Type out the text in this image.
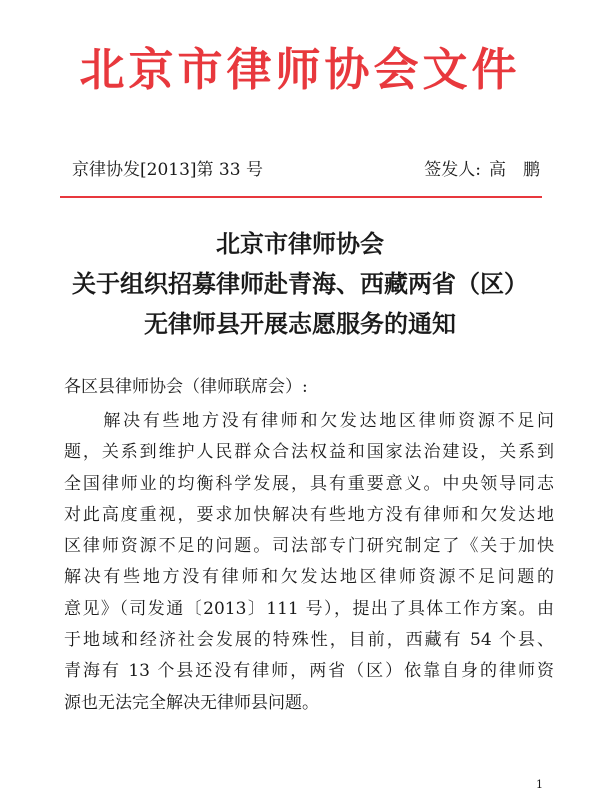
北京市律师协会文件
京律协发[2013]第 33 号	签发人: 高　鹏
北京市律师协会
关于组织招募律师赴青海、西藏两省（区）
无律师县开展志愿服务的通知
各区县律师协会（律师联席会）:
　　解决有些地方没有律师和欠发达地区律师资源不足问
题，关系到维护人民群众合法权益和国家法治建设，关系到
全国律师业的均衡科学发展，具有重要意义。中央领导同志
对此高度重视，要求加快解决有些地方没有律师和欠发达地
区律师资源不足的问题。司法部专门研究制定了《关于加快
解决有些地方没有律师和欠发达地区律师资源不足问题的
意见》（司发通〔2013〕111 号），提出了具体工作方案。由
于地域和经济社会发展的特殊性，目前，西藏有 54 个县、
青海有 13 个县还没有律师，两省（区）依靠自身的律师资
源也无法完全解决无律师县问题。
1
